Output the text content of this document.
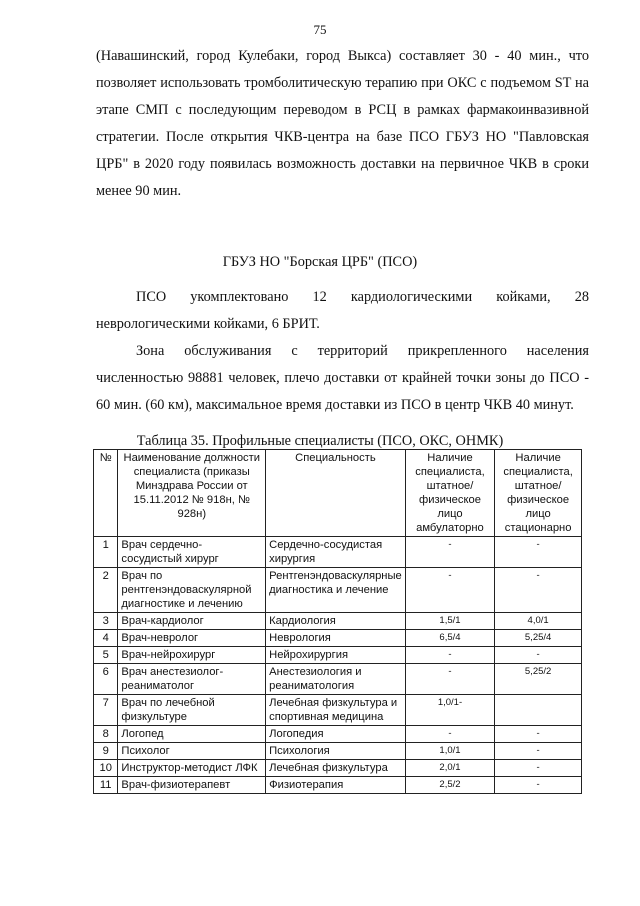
75

(Навашинский, город Кулебаки, город Выкса) составляет 30 - 40 мин., что позволяет использовать тромболитическую терапию при ОКС с подъемом ST на этапе СМП с последующим переводом в РСЦ в рамках фармакоинвазивной стратегии. После открытия ЧКВ-центра на базе ПСО ГБУЗ НО "Павловская ЦРБ" в 2020 году появилась возможность доставки на первичное ЧКВ в сроки менее 90 мин.

ГБУЗ НО "Борская ЦРБ" (ПСО)

ПСО укомплектовано 12 кардиологическими койками, 28 неврологическими койками, 6 БРИТ.

Зона обслуживания с территорий прикрепленного населения численностью 98881 человек, плечо доставки от крайней точки зоны до ПСО - 60 мин. (60 км), максимальное время доставки из ПСО в центр ЧКВ 40 минут.

Таблица 35. Профильные специалисты (ПСО, ОКС, ОНМК)
№	Наименование должности специалиста (приказы Минздрава России от 15.11.2012 № 918н, № 928н)	Специальность	Наличие специалиста, штатное/физическое лицо амбулаторно	Наличие специалиста, штатное/физическое лицо стационарно
1	Врач сердечно-сосудистый хирург	Сердечно-сосудистая хирургия	-	-
2	Врач по рентгенэндоваскулярной диагностике и лечению	Рентгенэндоваскулярные диагностика и лечение	-	-
3	Врач-кардиолог	Кардиология	1,5/1	4,0/1
4	Врач-невролог	Неврология	6,5/4	5,25/4
5	Врач-нейрохирург	Нейрохирургия	-	-
6	Врач анестезиолог-реаниматолог	Анестезиология и реаниматология	-	5,25/2
7	Врач по лечебной физкультуре	Лечебная физкультура и спортивная медицина	1,0/1-	
8	Логопед	Логопедия	-	-
9	Психолог	Психология	1,0/1	-
10	Инструктор-методист ЛФК	Лечебная физкультура	2,0/1	-
11	Врач-физиотерапевт	Физиотерапия	2,5/2	-
